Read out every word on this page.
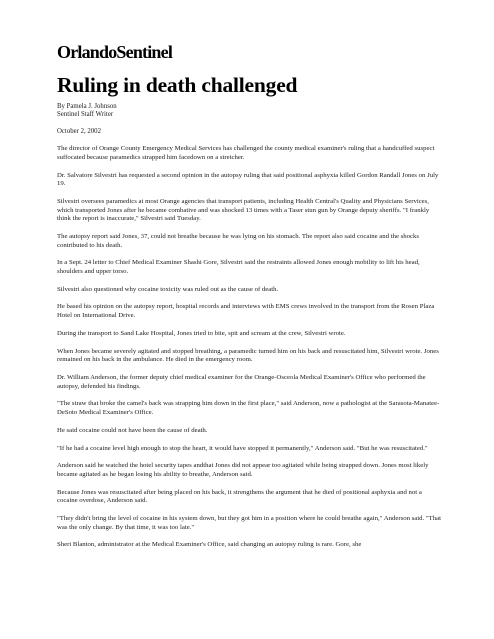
OrlandoSentinel
Ruling in death challenged
By Pamela J. Johnson
Sentinel Staff Writer
October 2, 2002

The director of Orange County Emergency Medical Services has challenged the county medical examiner's ruling that a handcuffed suspect suffocated because paramedics strapped him facedown on a stretcher.

Dr. Salvatore Silvestri has requested a second opinion in the autopsy ruling that said positional asphyxia killed Gordon Randall Jones on July 19.

Silvestri oversees paramedics at most Orange agencies that transport patients, including Health Central's Quality and Physicians Services, which transported Jones after he became combative and was shocked 13 times with a Taser stun gun by Orange deputy sheriffs. "I frankly think the report is inaccurate," Silvestri said Tuesday.

The autopsy report said Jones, 37, could not breathe because he was lying on his stomach. The report also said cocaine and the shocks contributed to his death.

In a Sept. 24 letter to Chief Medical Examiner Shashi Gore, Silvestri said the restraints allowed Jones enough mobility to lift his head, shoulders and upper torso.

Silvestri also questioned why cocaine toxicity was ruled out as the cause of death.

He based his opinion on the autopsy report, hospital records and interviews with EMS crews involved in the transport from the Rosen Plaza Hotel on International Drive.

During the transport to Sand Lake Hospital, Jones tried to bite, spit and scream at the crew, Silvestri wrote.

When Jones became severely agitated and stopped breathing, a paramedic turned him on his back and resuscitated him, Silvestri wrote. Jones remained on his back in the ambulance. He died in the emergency room.

Dr. William Anderson, the former deputy chief medical examiner for the Orange-Osceola Medical Examiner's Office who performed the autopsy, defended his findings.

"The straw that broke the camel's back was strapping him down in the first place," said Anderson, now a pathologist at the Sarasota-Manatee-DeSoto Medical Examiner's Office.

He said cocaine could not have been the cause of death.

"If he had a cocaine level high enough to stop the heart, it would have stopped it permanently," Anderson said. "But he was resuscitated."

Anderson said he watched the hotel security tapes andthat Jones did not appear too agitated while being strapped down. Jones most likely became agitated as he began losing his ability to breathe, Anderson said.

Because Jones was resuscitated after being placed on his back, it strengthens the argument that he died of positional asphyxia and not a cocaine overdose, Anderson said.

"They didn't bring the level of cocaine in his system down, but they got him in a position where he could breathe again," Anderson said. "That was the only change. By that time, it was too late."

Sheri Blanton, administrator at the Medical Examiner's Office, said changing an autopsy ruling is rare. Gore, she
